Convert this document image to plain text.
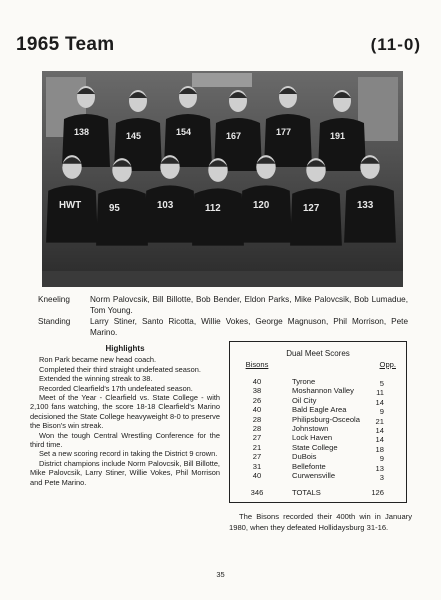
1965 Team	(11-0)
138	145	154	167	177	191
HWT	95	103	112	120	127	133
Kneeling	Norm Palovcsik, Bill Billotte, Bob Bender, Eldon Parks, Mike Palovcsik, Bob Lumadue, Tom Young.
Standing	Larry Stiner, Santo Ricotta, Willie Vokes, George Magnuson, Phil Morrison, Pete Marino.
Highlights

Ron Park became new head coach.

Completed their third straight undefeated season.

Extended the winning streak to 38.

Recorded Clearfield's 17th undefeated season.

Meet of the Year - Clearfield vs. State College - with 2,100 fans watching, the score 18-18 Clearfield's Marino decisioned the State College heavyweight 8-0 to preserve the Bison's win streak.

Won the tough Central Wrestling Conference for the third time.

Set a new scoring record in taking the District 9 crown.

District champions include Norm Palovcsik, Bill Billotte, Mike Palovcsik, Larry Stiner, Willie Vokes, Phil Morrison and Pete Marino.

Dual Meet Scores
Bisons	Opp.
40	Tyrone	5
38	Moshannon Valley	11
26	Oil City	14
40	Bald Eagle Area	9
28	Philipsburg-Osceola 21
28	Johnstown	14
27	Lock Haven	14
21	State College	18
27	DuBois	9
31	Bellefonte	13
40	Curwensville	3
346	TOTALS	126
The Bisons recorded their 400th win in January 1980, when they defeated Hollidaysburg 31-16.
35
